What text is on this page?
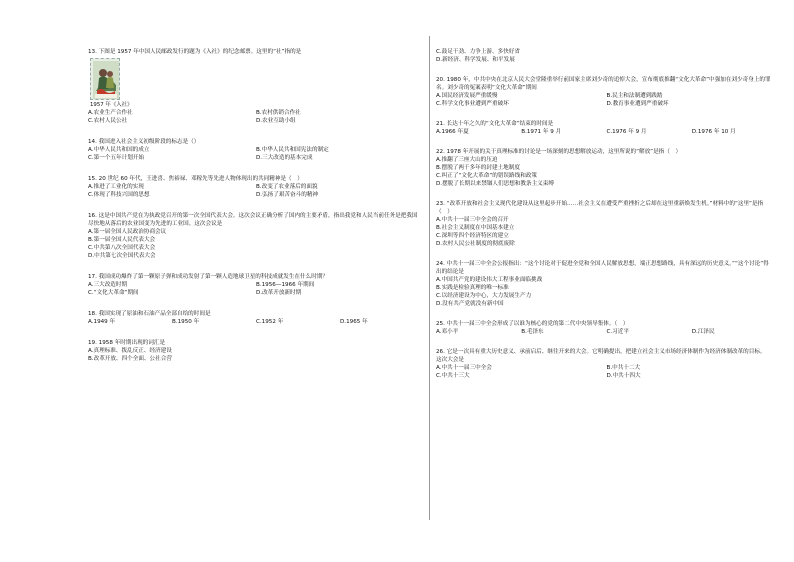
13. 下图是 1957 年中国人民邮政发行的题为《入社》的纪念邮票。这里的“社”指的是
1957 年《入社》
A.农业生产合作社	B.农村供销合作社
C.农村人民公社	D.农业互助小组
14. 我国进入社会主义初级阶段的标志是（）
A.中华人民共和国的成立	B.中华人民共和国宪法的制定
C.第一个五年计划开始	D.三大改造的基本完成
15. 20 世纪 60 年代，王进喜、焦裕禄、邓稼先等先进人物体现出的共同精神是（　）
A.推进了工业化的实现	B.改变了农业落后的面貌
C.体现了科技兴国的思想	D.弘扬了艰苦奋斗的精神
16. 这是中国共产党在为执政党召开的第一次全国代表大会。这次会议正确分析了国内的主要矛盾，指出我党和人民当前任务是把我国尽快地从落后的农业国变为先进的工业国。这次会议是
A.第一届全国人民政治协商会议
B.第一届全国人民代表大会
C.中共第八次全国代表大会
D.中共第七次全国代表大会
17. 我国成功爆炸了第一颗原子弹和成功发射了第一颗人造地球卫星的科技成就发生在什么时期？
A.三大改造时期	B.1956—1966 年期间
C.“文化大革命”期间	D.改革开放新时期
18. 我国实现了原油和石油产品全部自给的时间是
A.1949 年	B.1950 年	C.1952 年	D.1965 年
19. 1958 年时期出现的词汇是
A.真理标准、拨乱反正、经济建设
B.改革开放、四个全面、公社合营
C.鼓足干劲、力争上游、多快好省
D.新经济、科学发展、和平发展
20. 1980 年，中共中央在北京人民大会堂隆重举行前国家主席刘少奇的追悼大会，宣布彻底推翻“文化大革命”中强加在刘少奇身上的罪名。刘少奇的冤案表明“文化大革命”期间
A.国民经济发展严重缓慢	B.民主和法制遭到践踏
C.科学文化事业遭到严重破坏	D.教育事业遭到严重破坏
21. 长达十年之久的“文化大革命”结束的时间是
A.1966 年夏	B.1971 年 9 月	C.1976 年 9 月	D.1976 年 10 月
22. 1978 年开展的关于真理标准的讨论是一场深刻的思想解放运动，这里所说的“解放”是指（　）
A.推翻了三座大山的压迫
B.摆脱了两千多年的封建土地制度
C.纠正了“文化大革命”的错误路线和政策
D.摆脱了长期以来禁锢人们思想和教条主义束缚
23. “改革开放和社会主义现代化建设从这里起步开始……社会主义在遭受严重挫折之后却在这里重新焕发生机。”材料中的“这里”是指（　）
A.中共十一届三中全会的召开
B.社会主义制度在中国基本建立
C.深圳等四个经济特区的建立
D.农村人民公社制度的彻底废除
24. 中共十一届三中全会公报指出：“这个讨论对于促进全党和全国人民解放思想，端正思想路线，具有深远的历史意义。”“这个讨论”得出的结论是
A.中国共产党的建设伟大工程事业面临挑战
B.实践是检验真理的唯一标准
C.以经济建设为中心，大力发展生产力
D.没有共产党就没有新中国
25. 中共十一届三中全会形成了以谁为核心的党的第二代中央领导集体。（　）
A.邓小平	B.毛泽东	C.习近平	D.江泽民
26. 它是一次具有重大历史意义、承前启后、继往开来的大会。它明确提出，把建立社会主义市场经济体制作为经济体制改革的目标。这次大会是
A.中共十一届三中全会	B.中共十二大
C.中共十三大	D.中共十四大
